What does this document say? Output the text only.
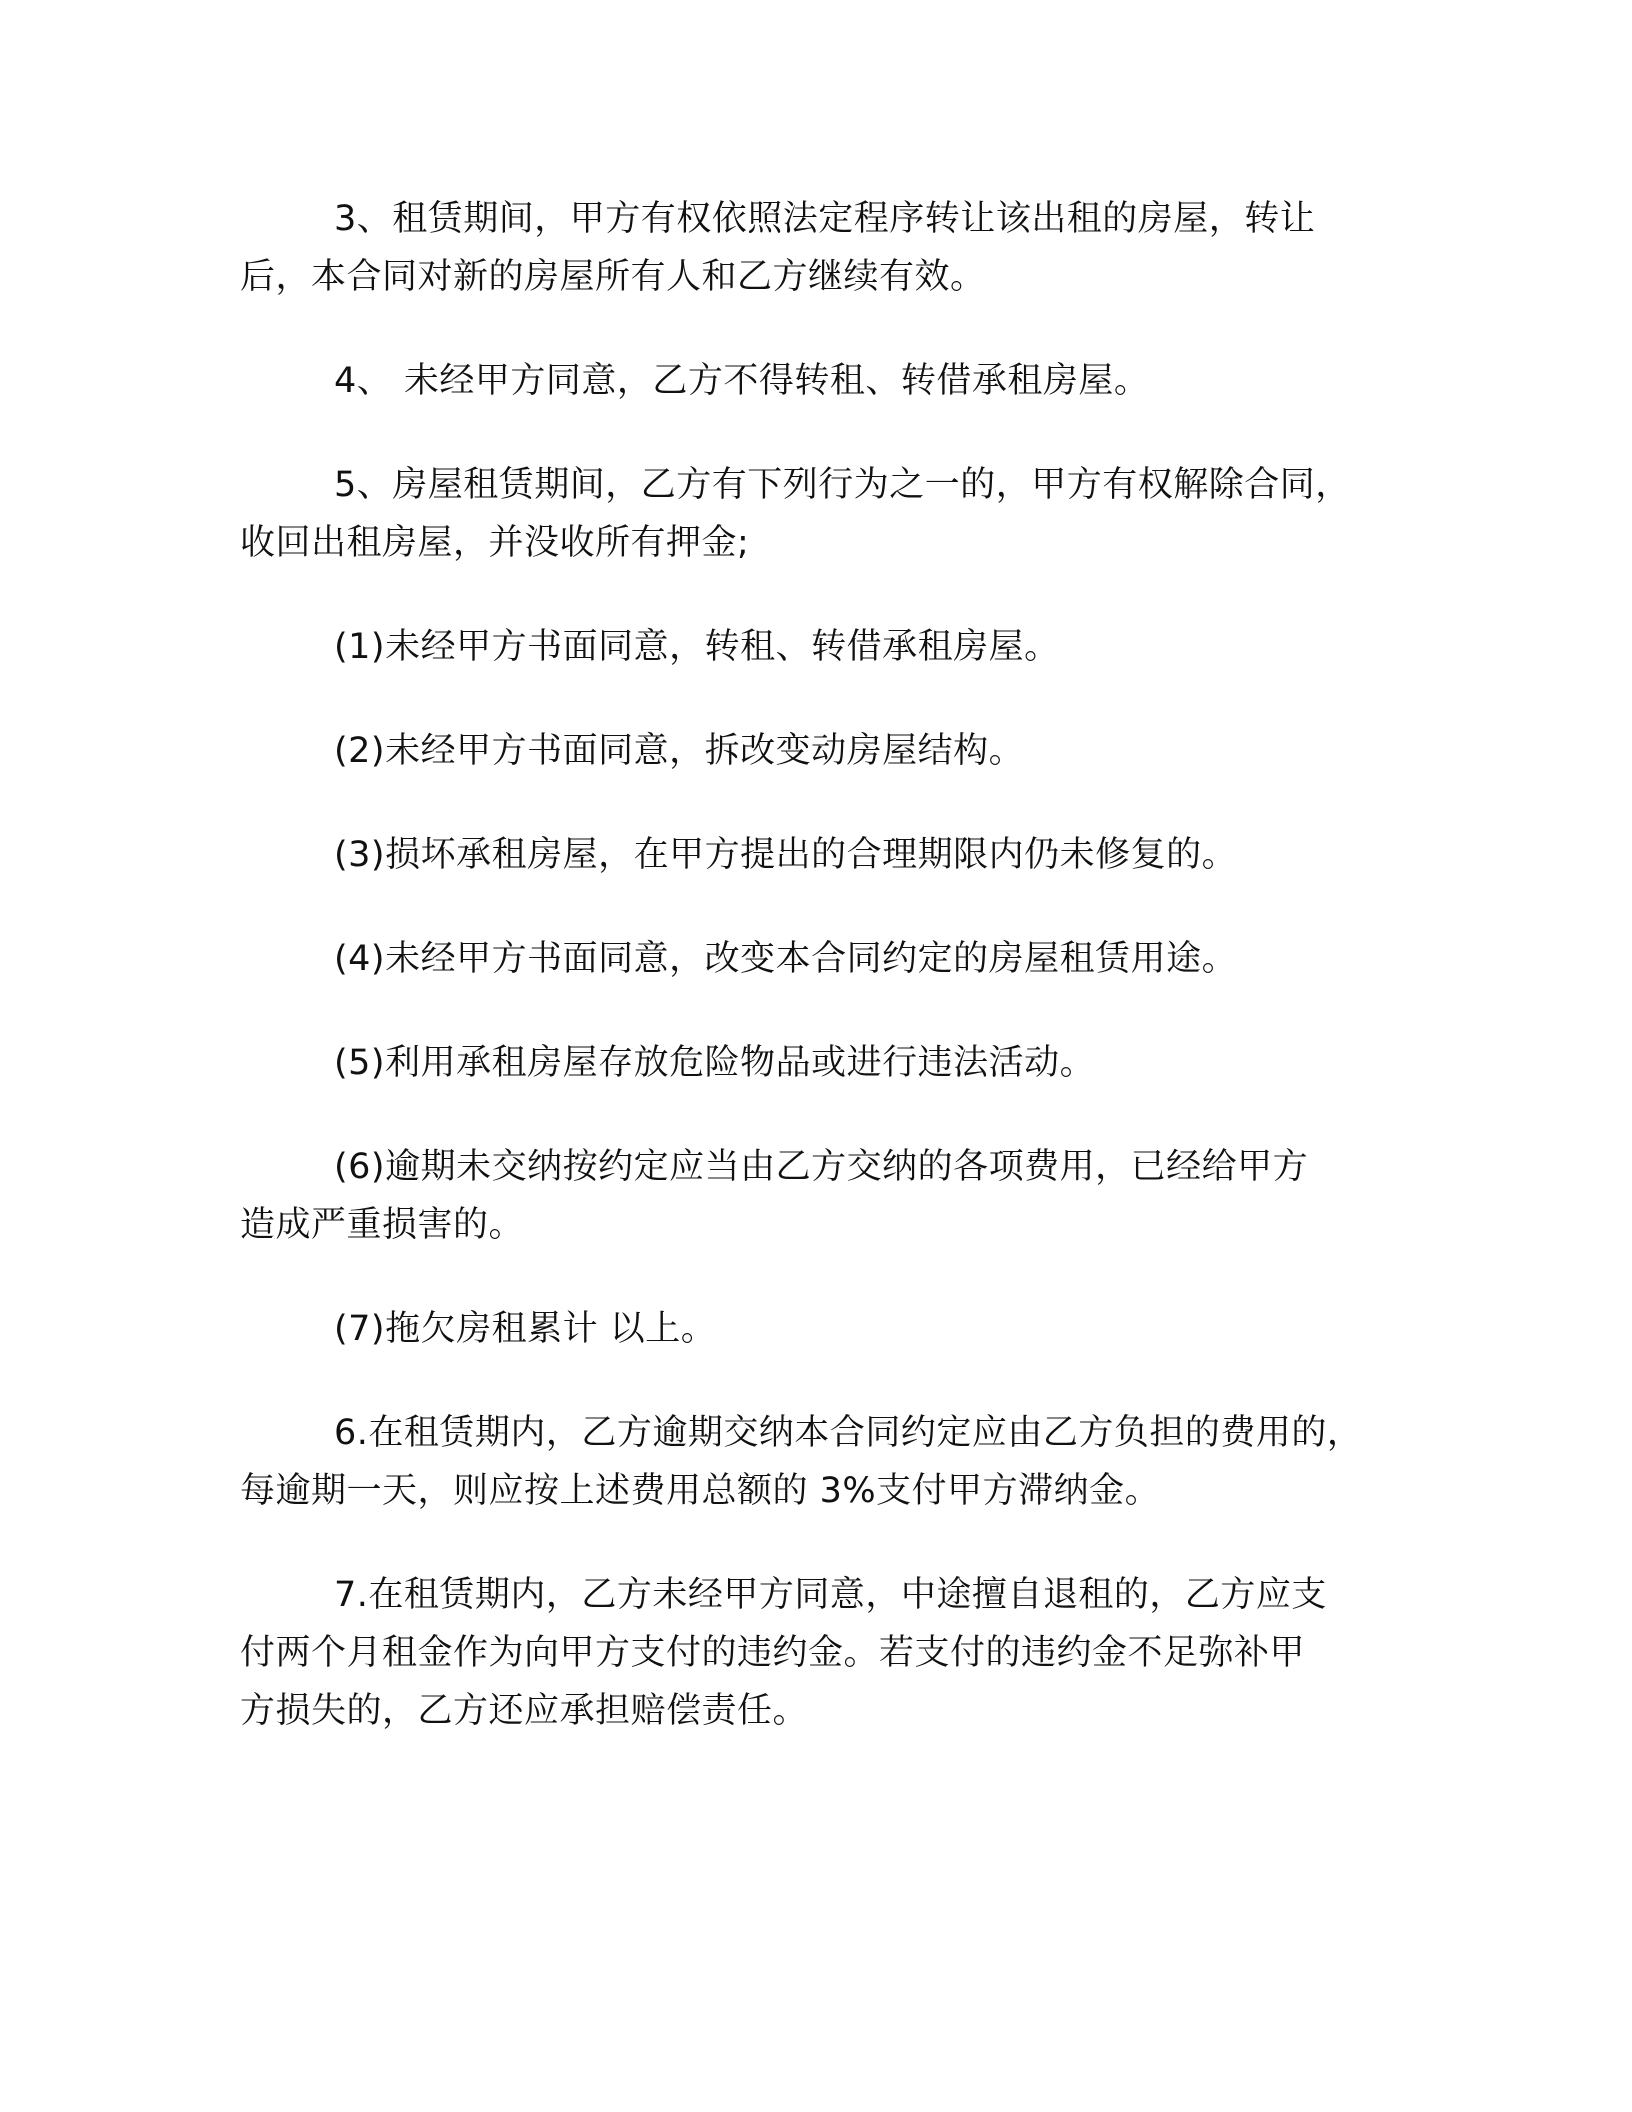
3、租赁期间，甲方有权依照法定程序转让该出租的房屋，转让
后，本合同对新的房屋所有人和乙方继续有效。

4、 未经甲方同意，乙方不得转租、转借承租房屋。

5、房屋租赁期间，乙方有下列行为之一的，甲方有权解除合同，
收回出租房屋，并没收所有押金;

(1)未经甲方书面同意，转租、转借承租房屋。

(2)未经甲方书面同意，拆改变动房屋结构。

(3)损坏承租房屋，在甲方提出的合理期限内仍未修复的。

(4)未经甲方书面同意，改变本合同约定的房屋租赁用途。

(5)利用承租房屋存放危险物品或进行违法活动。

(6)逾期未交纳按约定应当由乙方交纳的各项费用，已经给甲方
造成严重损害的。

(7)拖欠房租累计 以上。

6.在租赁期内，乙方逾期交纳本合同约定应由乙方负担的费用的，
每逾期一天，则应按上述费用总额的 3%支付甲方滞纳金。

7.在租赁期内，乙方未经甲方同意，中途擅自退租的，乙方应支
付两个月租金作为向甲方支付的违约金。若支付的违约金不足弥补甲
方损失的，乙方还应承担赔偿责任。
